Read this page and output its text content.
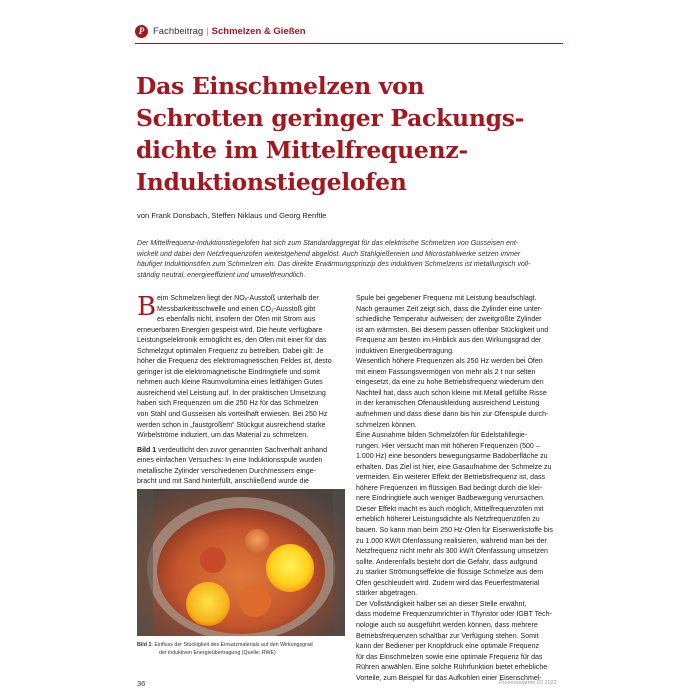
P Fachbeitrag | Schmelzen & Gießen
Das Einschmelzen von
Schrotten geringer Packungs-
dichte im Mittelfrequenz-
Induktionstiegelofen
von Frank Donsbach, Steffen Niklaus und Georg Renftle
Der Mittelfrequenz-Induktionstiegelofen hat sich zum Standardaggregat für das elektrische Schmelzen von Gusseisen ent-
wickelt und dabei den Netzfrequenzofen weitestgehend abgelöst. Auch Stahlgießereien und Microstahlwerke setzen immer
häufiger Induktionsöfen zum Schmelzen ein. Das direkte Erwärmungsprinzip des induktiven Schmelzens ist metallurgisch voll-
ständig neutral, energieeffizient und umweltfreundlich.
B eim Schmelzen liegt der NOₓ-Ausstoß unterhalb der
Messbarkeitsschwelle und einen CO₂-Ausstoß gibt
es ebenfalls nicht, insofern der Ofen mit Strom aus
erneuerbaren Energien gespeist wird. Die heute verfügbare
Leistungselektronik ermöglicht es, den Ofen mit einer für das
Schmelzgut optimalen Frequenz zu betreiben. Dabei gilt: Je
höher die Frequenz des elektromagnetischen Feldes ist, desto
geringer ist die elektromagnetische Eindringtiefe und somit
nehmen auch kleine Raumvolumina eines leitfähigen Gutes
ausreichend viel Leistung auf. In der praktischen Umsetzung
haben sich Frequenzen um die 250 Hz für das Schmelzen
von Stahl und Gusseisen als vorteilhaft erwiesen. Bei 250 Hz
werden schon in „faustgroßem“ Stückgut ausreichend starke
Wirbelströme induziert, um das Material zu schmelzen.
Bild 1 verdeutlicht den zuvor genannten Sachverhalt anhand
eines einfachen Versuches: In eine Induktionsspule wurden
metallische Zylinder verschiedenen Durchmessers einge-
bracht und mit Sand hinterfüllt, anschließend wurde die
Bild 1: Einfluss der Stückigkeit des Einsatzmaterials auf den Wirkungsgrad
der induktiven Energieübertragung (Quelle: RWE)
Spule bei gegebener Frequenz mit Leistung beaufschlagt.
Nach geraumer Zeit zeigt sich, dass die Zylinder eine unter-
schiedliche Temperatur aufweisen; der zweitgrößte Zylinder
ist am wärmsten. Bei diesem passen offenbar Stückigkeit und
Frequenz am besten im Hinblick aus den Wirkungsgrad der
induktiven Energieübertragung.
Wesentlich höhere Frequenzen als 250 Hz werden bei Öfen
mit einem Fassungsvermögen von mehr als 2 t nur selten
eingesetzt, da eine zu hohe Betriebsfrequenz wiederum den
Nachteil hat, dass auch schon kleine mit Metall gefüllte Risse
in der keramischen Ofenauskleidung ausreichend Leistung
aufnehmen und dass diese dann bis hin zur Ofenspule durch-
schmelzen können.
Eine Ausnahme bilden Schmelzöfen für Edelstahllegie-
rungen. Hier versucht man mit höheren Frequenzen (500 –
1.000 Hz) eine besonders bewegungsarme Badoberfläche zu
erhalten. Das Ziel ist hier, eine Gasaufnahme der Schmelze zu
vermeiden. Ein weiterer Effekt der Betriebsfrequenz ist, dass
höhere Frequenzen im flüssigen Bad bedingt durch die klei-
nere Eindringtiefe auch weniger Badbewegung verursachen.
Dieser Effekt macht es auch möglich, Mittelfrequenzöfen mit
erheblich höherer Leistungsdichte als Netzfrequenzöfen zu
bauen. So kann man beim 250 Hz-Ofen für Eisenwerkstoffe bis
zu 1.000 KW/t Ofenfassung realisieren, während man bei der
Netzfrequenz nicht mehr als 300 kW/t Ofenfassung umsetzen
sollte. Anderenfalls besteht dort die Gefahr, dass aufgrund
zu starker Strömungseffekte die flüssige Schmelze aus dem
Ofen geschleudert wird. Zudem wird das Feuerfestmaterial
stärker abgetragen.
Der Vollständigkeit halber sei an dieser Stelle erwähnt,
dass moderne Frequenzumrichter in Thyristor oder IGBT Tech-
nologie auch so ausgeführt werden können, dass mehrere
Betriebsfrequenzen schaltbar zur Verfügung stehen. Somit
kann der Bediener per Knopfdruck eine optimale Frequenz
für das Einschmelzen sowie eine optimale Frequenz für das
Rühren anwählen. Eine solche Rührfunktion bietet erhebliche
Vorteile, zum Beispiel für das Aufkohlen einer Eisenschmel-
36	Prozesswärme 02 2022
